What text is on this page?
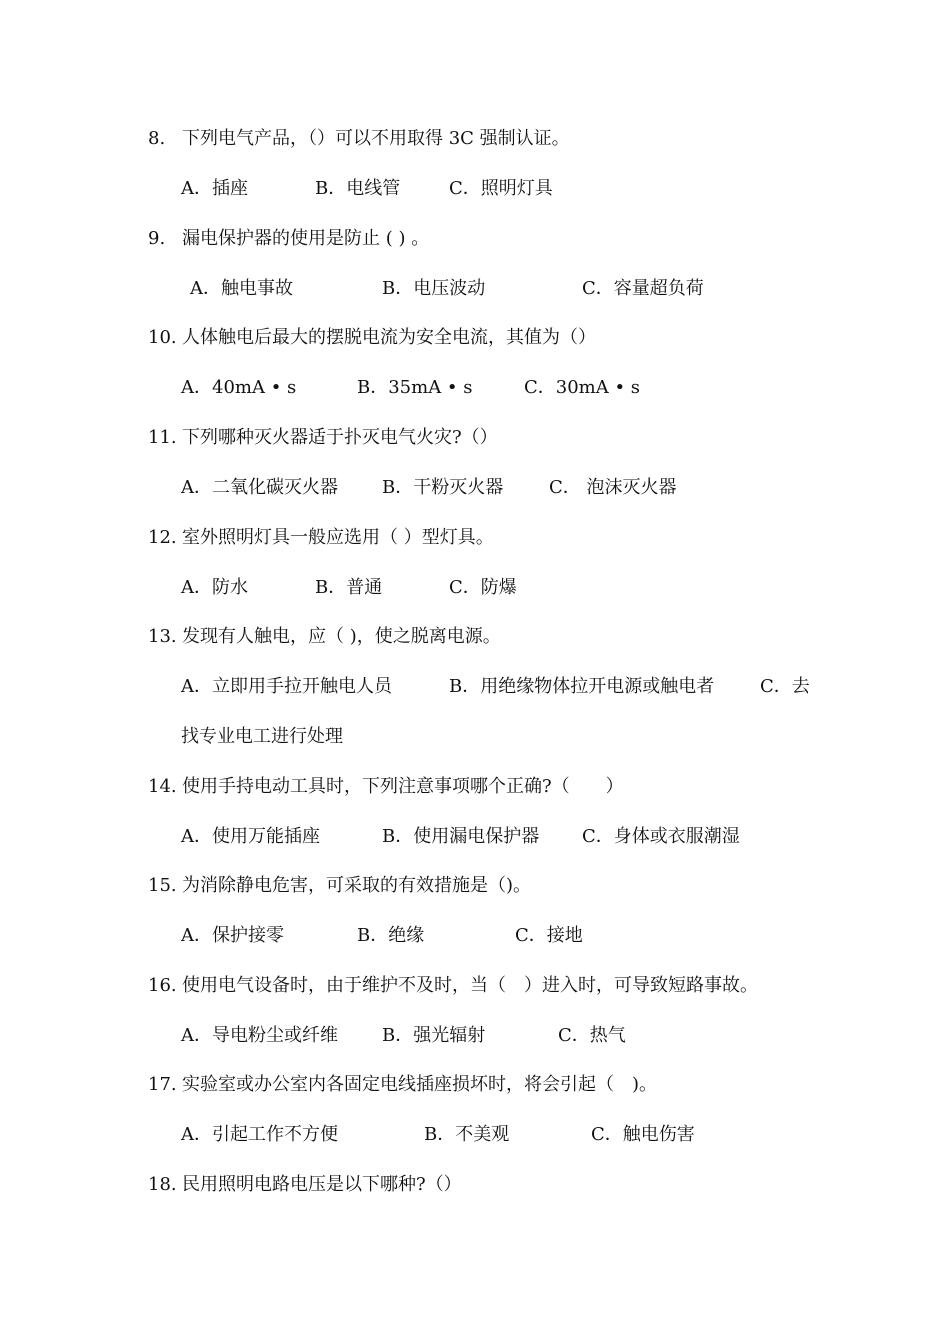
8. 下列电气产品，（）可以不用取得 3C 强制认证。
A．插座	B．电线管	C．照明灯具
9. 漏电保护器的使用是防止 ( ) 。
A．触电事故	B．电压波动	C．容量超负荷
10. 人体触电后最大的摆脱电流为安全电流，其值为（）
A．40mA • s	B．35mA • s	C．30mA • s
11. 下列哪种灭火器适于扑灭电气火灾?（）
A．二氧化碳灭火器 B．干粉灭火器	C． 泡沫灭火器
12. 室外照明灯具一般应选用（ ）型灯具。
A．防水	B．普通	C．防爆
13. 发现有人触电，应（ )，使之脱离电源。
A．立即用手拉开触电人员	B．用绝缘物体拉开电源或触电者	C．去
找专业电工进行处理
14. 使用手持电动工具时，下列注意事项哪个正确?（　　）
A．使用万能插座	B．使用漏电保护器 C．身体或衣服潮湿
15. 为消除静电危害，可采取的有效措施是（)。
A．保护接零	B．绝缘	C．接地
16. 使用电气设备时，由于维护不及时，当（　）进入时，可导致短路事故。
A．导电粉尘或纤维 B．强光辐射	C．热气
17. 实验室或办公室内各固定电线插座损坏时，将会引起（　)。
A．引起工作不方便	B．不美观	C．触电伤害
18. 民用照明电路电压是以下哪种?（）
